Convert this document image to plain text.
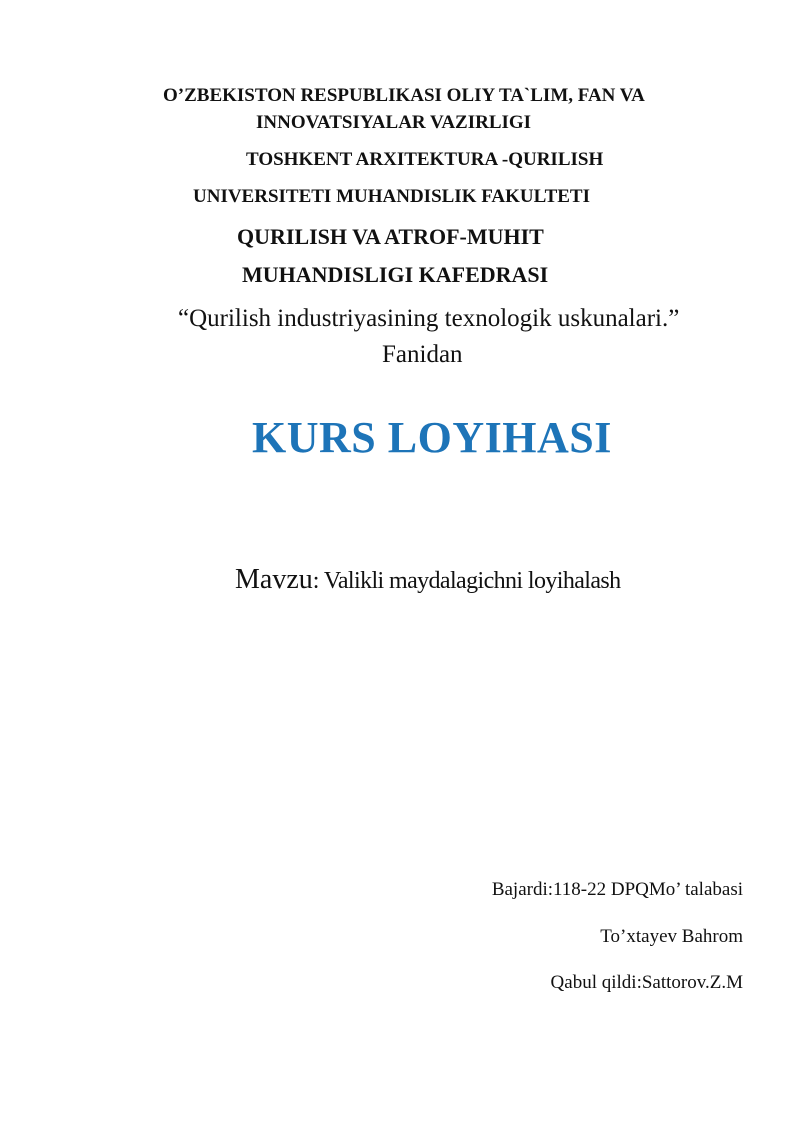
O’ZBEKISTON RESPUBLIKASI OLIY TA`LIM, FAN VA
INNOVATSIYALAR VAZIRLIGI
TOSHKENT ARXITEKTURA -QURILISH
UNIVERSITETI MUHANDISLIK FAKULTETI
QURILISH VA ATROF-MUHIT
MUHANDISLIGI KAFEDRASI
“Qurilish industriyasining texnologik uskunalari.”
Fanidan
KURS LOYIHASI
Mavzu: Valikli maydalagichni loyihalash
Bajardi:118-22 DPQMo’ talabasi
To’xtayev Bahrom
Qabul qildi:Sattorov.Z.M
